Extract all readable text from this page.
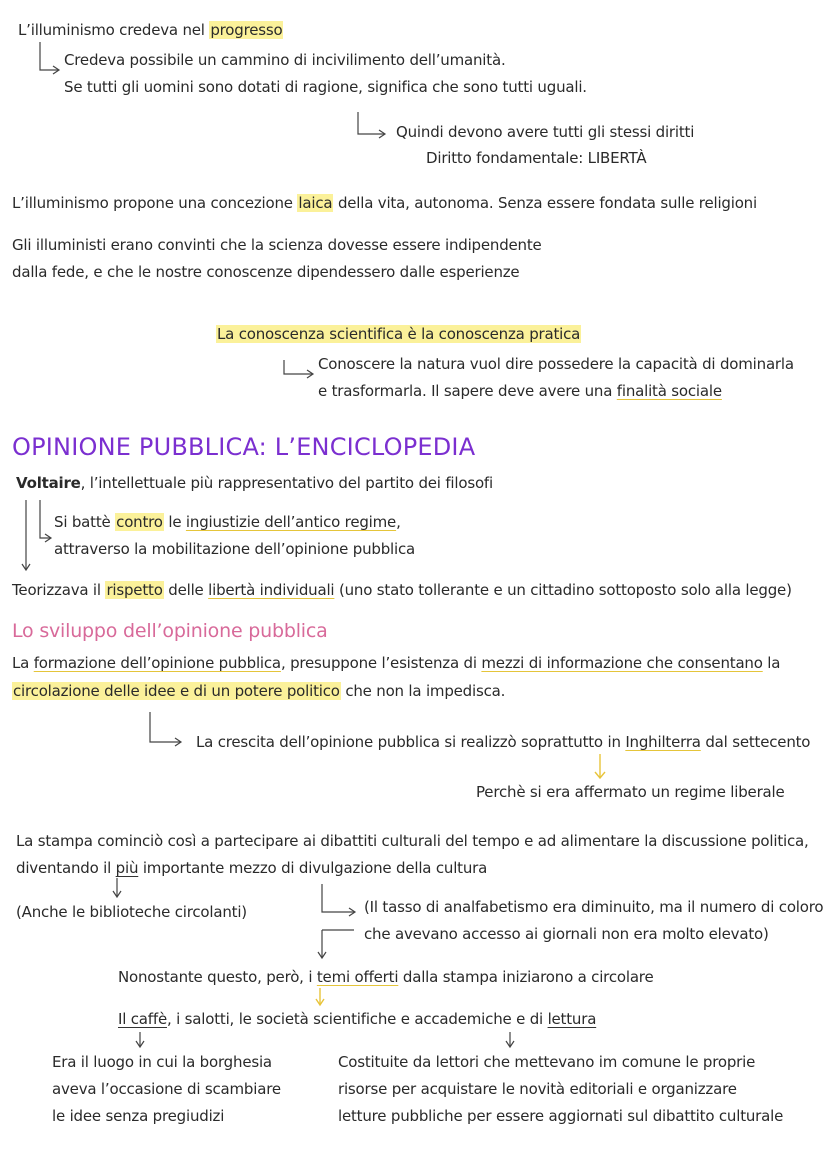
L’illuminismo credeva nel progresso
Credeva possibile un cammino di incivilimento dell’umanità.
Se tutti gli uomini sono dotati di ragione, significa che sono tutti uguali.
Quindi devono avere tutti gli stessi diritti
Diritto fondamentale: LIBERTÀ
L’illuminismo propone una concezione laica della vita, autonoma. Senza essere fondata sulle religioni
Gli illuministi erano convinti che la scienza dovesse essere indipendente
dalla fede, e che le nostre conoscenze dipendessero dalle esperienze
La conoscenza scientifica è la conoscenza pratica
Conoscere la natura vuol dire possedere la capacità di dominarla
e trasformarla. Il sapere deve avere una finalità sociale
OPINIONE PUBBLICA: L’ENCICLOPEDIA
Voltaire, l’intellettuale più rappresentativo del partito dei filosofi
Si battè contro le ingiustizie dell’antico regime,
attraverso la mobilitazione dell’opinione pubblica
Teorizzava il rispetto delle libertà individuali (uno stato tollerante e un cittadino sottoposto solo alla legge)
Lo sviluppo dell’opinione pubblica
La formazione dell’opinione pubblica, presuppone l’esistenza di mezzi di informazione che consentano la
circolazione delle idee e di un potere politico che non la impedisca.
La crescita dell’opinione pubblica si realizzò soprattutto in Inghilterra dal settecento
Perchè si era affermato un regime liberale
La stampa cominciò così a partecipare ai dibattiti culturali del tempo e ad alimentare la discussione politica,
diventando il più importante mezzo di divulgazione della cultura
(Anche le biblioteche circolanti)	(Il tasso di analfabetismo era diminuito, ma il numero di coloro
che avevano accesso ai giornali non era molto elevato)
Nonostante questo, però, i temi offerti dalla stampa iniziarono a circolare
Il caffè, i salotti, le società scientifiche e accademiche e di lettura
Era il luogo in cui la borghesia
aveva l’occasione di scambiare
le idee senza pregiudizi
Costituite da lettori che mettevano im comune le proprie
risorse per acquistare le novità editoriali e organizzare
letture pubbliche per essere aggiornati sul dibattito culturale
